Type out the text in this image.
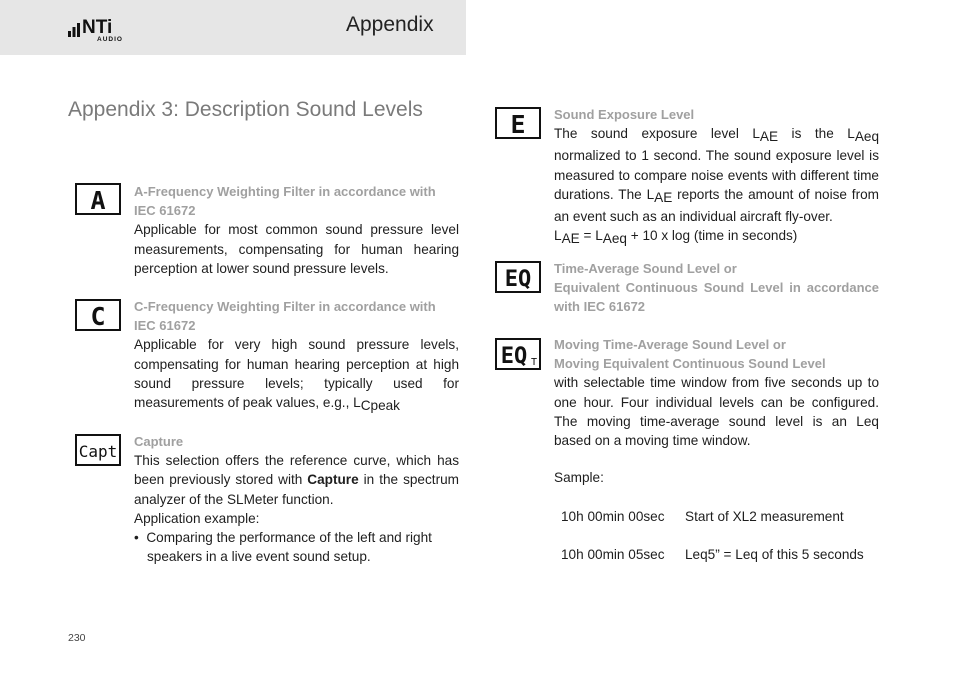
NTi
AUDIO
Appendix
Appendix 3: Description Sound Levels
A A-Frequency Weighting Filter in accordance with IEC 61672

Applicable for most common sound pressure level measurements, compensating for human hearing perception at lower sound pressure levels.

C C-Frequency Weighting Filter in accordance with IEC 61672

Applicable for very high sound pressure levels, compensating for human hearing perception at high sound pressure levels; typically used for measurements of peak values, e.g., LCpeak

Capt

Capture

This selection offers the reference curve, which has been previously stored with Capture in the spectrum analyzer of the SLMeter function.

Application example:

•  Comparing the performance of the left and right speakers in a live event sound setup.

E Sound Exposure Level

The sound exposure level LAE is the LAeq normalized to 1 second. The sound exposure level is measured to compare noise events with different time durations. The LAE reports the amount of noise from an event such as an individual aircraft fly-over.

LAE = LAeq + 10 x log (time in seconds)

EQ Time-Average Sound Level or

Equivalent Continuous Sound Level in accordance with IEC 61672

EQ T

Moving Time-Average Sound Level or

Moving Equivalent Continuous Sound Level

with selectable time window from five seconds up to one hour. Four individual levels can be configured. The moving time-average sound level is an Leq based on a moving time window.

Sample:
10h 00min 00sec Start of XL2 measurement
10h 00min 05sec Leq5” = Leq of this 5 seconds
230
